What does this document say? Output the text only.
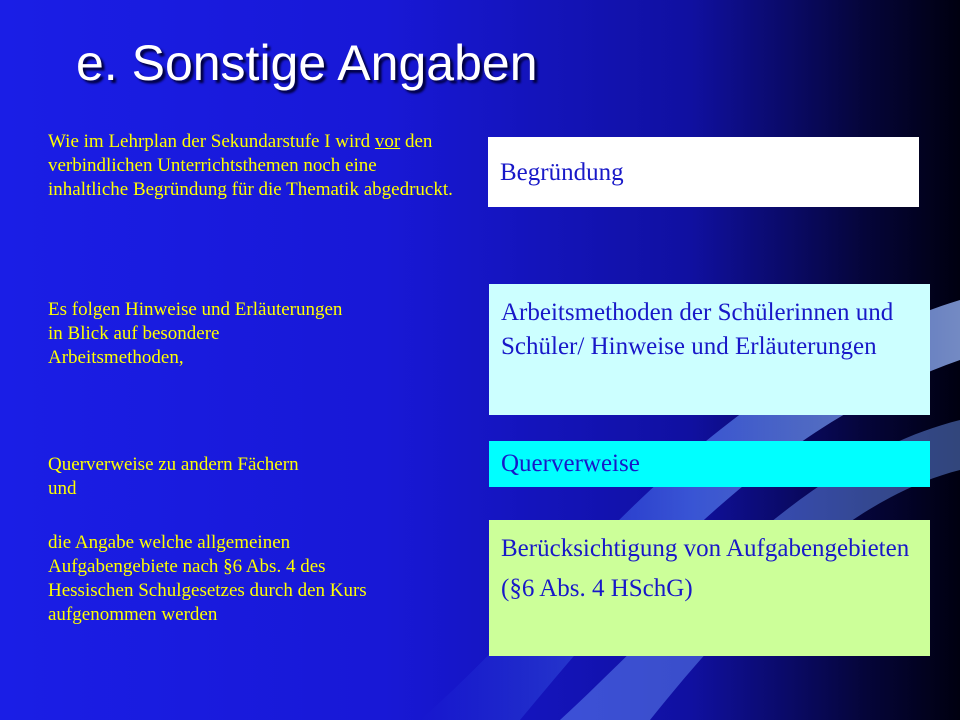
e. Sonstige Angaben

Wie im Lehrplan der Sekundarstufe I wird vor den verbindlichen Unterrichtsthemen noch eine inhaltliche Begründung für die Thematik abgedruckt.

Es folgen Hinweise und Erläuterungen in Blick auf besondere Arbeitsmethoden,

Querverweise zu andern Fächern und

die Angabe welche allgemeinen Aufgabengebiete nach §6 Abs. 4 des Hessischen Schulgesetzes durch den Kurs aufgenommen werden

Begründung

Arbeitsmethoden der Schülerinnen und Schüler/ Hinweise und Erläuterungen

Querverweise

Berücksichtigung von Aufgabengebieten

(§6 Abs. 4 HSchG)
